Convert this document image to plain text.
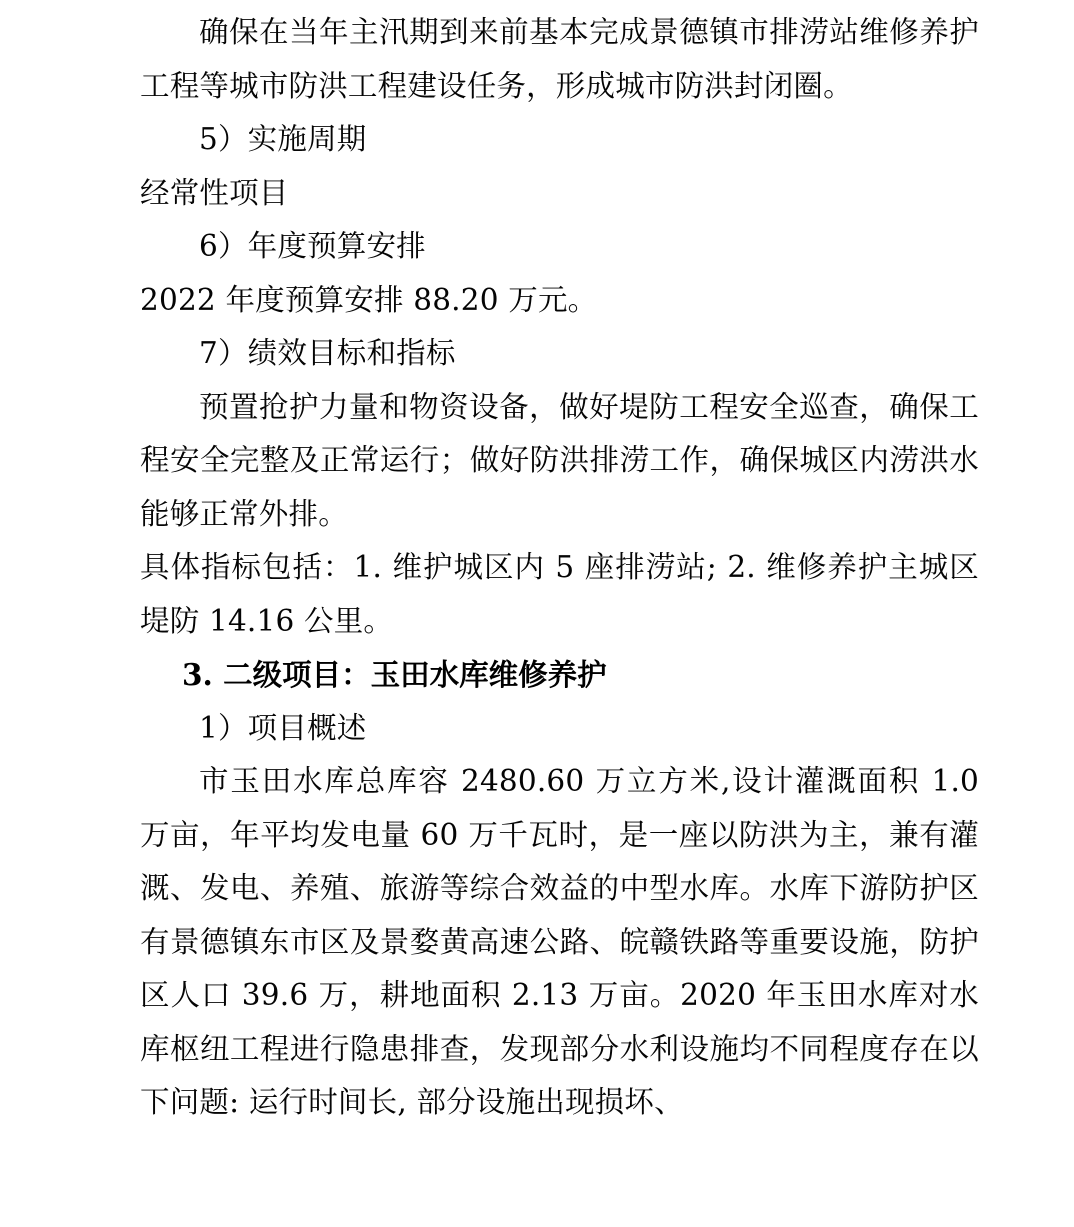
确保在当年主汛期到来前基本完成景德镇市排涝站维修养护工程等城市防洪工程建设任务，形成城市防洪封闭圈。

5）实施周期

经常性项目

6）年度预算安排

2022 年度预算安排 88.20 万元。

7）绩效目标和指标

预置抢护力量和物资设备，做好堤防工程安全巡查，确保工程安全完整及正常运行；做好防洪排涝工作，确保城区内涝洪水能够正常外排。

具体指标包括：1. 维护城区内 5 座排涝站; 2. 维修养护主城区堤防 14.16 公里。

3. 二级项目：玉田水库维修养护

1）项目概述

市玉田水库总库容 2480.60 万立方米,设计灌溉面积 1.0 万亩，年平均发电量 60 万千瓦时，是一座以防洪为主，兼有灌溉、发电、养殖、旅游等综合效益的中型水库。水库下游防护区有景德镇东市区及景婺黄高速公路、皖赣铁路等重要设施，防护区人口 39.6 万，耕地面积 2.13 万亩。2020 年玉田水库对水库枢纽工程进行隐患排查，发现部分水利设施均不同程度存在以下问题: 运行时间长, 部分设施出现损坏、
